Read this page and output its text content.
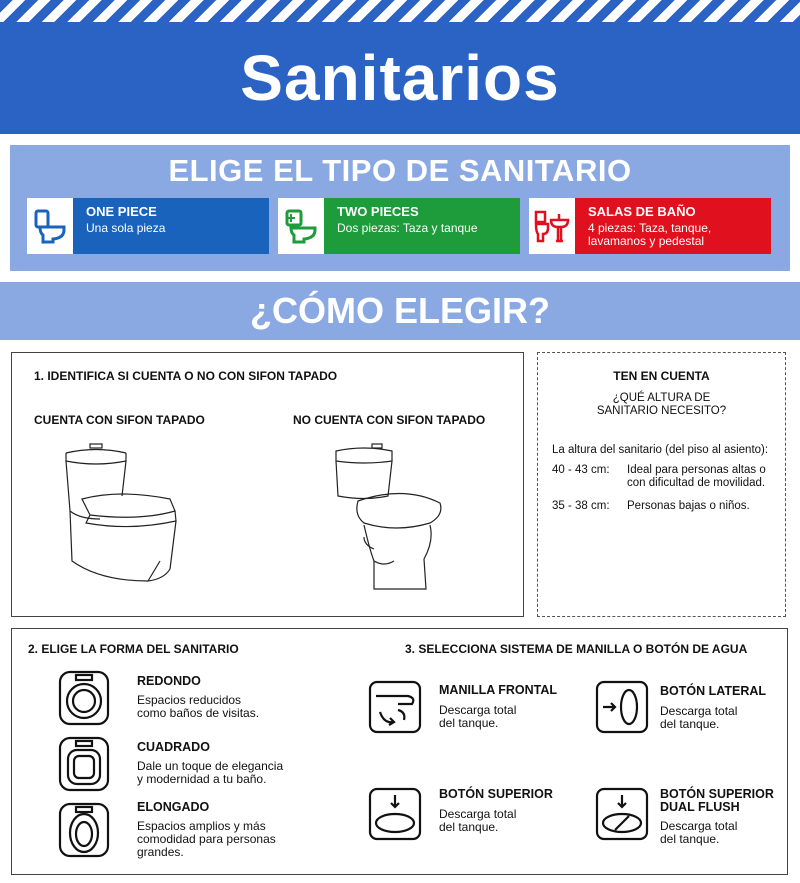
Sanitarios
ELIGE EL TIPO DE SANITARIO
ONE PIECE
Una sola pieza
TWO PIECES
Dos piezas: Taza y tanque
SALAS DE BAÑO
4 piezas: Taza, tanque, lavamanos y pedestal
¿CÓMO ELEGIR?
1. IDENTIFICA SI CUENTA O NO CON SIFON TAPADO
CUENTA CON SIFON TAPADO	NO CUENTA CON SIFON TAPADO
TEN EN CUENTA
¿QUÉ ALTURA DE
SANITARIO NECESITO?
La altura del sanitario (del piso al asiento):
40 - 43 cm: Ideal para personas altas o con dificultad de movilidad.
35 - 38 cm: Personas bajas o niños.
2. ELIGE LA FORMA DEL SANITARIO	3. SELECCIONA SISTEMA DE MANILLA O BOTÓN DE AGUA
REDONDO
Espacios reducidos
como baños de visitas.
CUADRADO
Dale un toque de elegancia
y modernidad a tu baño.
ELONGADO
Espacios amplios y más
comodidad para personas
grandes.
MANILLA FRONTAL
Descarga total
del tanque.
BOTÓN LATERAL
Descarga total
del tanque.
BOTÓN SUPERIOR
Descarga total
del tanque.
BOTÓN SUPERIOR
DUAL FLUSH
Descarga total
del tanque.
